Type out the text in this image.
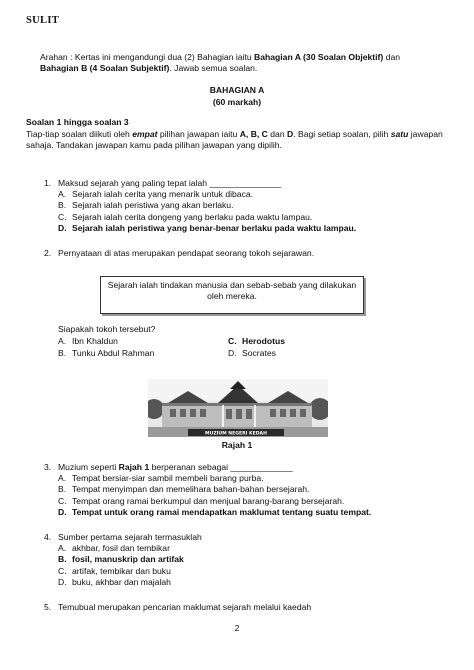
SULIT
Arahan : Kertas ini mengandungi dua (2) Bahagian iaitu Bahagian A (30 Soalan Objektif) dan Bahagian B (4 Soalan Subjektif). Jawab semua soalan.
BAHAGIAN A
(60 markah)
Soalan 1 hingga soalan 3
Tiap-tiap soalan diikuti oleh empat pilihan jawapan iaitu A, B, C dan D. Bagi setiap soalan, pilih satu jawapan sahaja. Tandakan jawapan kamu pada pilihan jawapan yang dipilih.
1. Maksud sejarah yang paling tepat ialah _______________
A. Sejarah ialah cerita yang menarik untuk dibaca.
B. Sejarah ialah peristiwa yang akan berlaku.
C. Sejarah ialah cerita dongeng yang berlaku pada waktu lampau.
D. Sejarah ialah peristiwa yang benar-benar berlaku pada waktu lampau.
2. Pernyataan di atas merupakan pendapat seorang tokoh sejarawan.
Sejarah ialah tindakan manusia dan sebab-sebab yang dilakukan oleh mereka.
Siapakah tokoh tersebut?
A. Ibn Khaldun	C. Herodotus
B. Tunku Abdul Rahman	D. Socrates
MUZIUM NEGERI KEDAH
Rajah 1
3. Muzium seperti Rajah 1 berperanan sebagai _____________
A. Tempat bersiar-siar sambil membeli barang purba.
B. Tempat menyimpan dan memelihara bahan-bahan bersejarah.
C. Tempat orang ramai berkumpul dan menjual barang-barang bersejarah.
D. Tempat untuk orang ramai mendapatkan maklumat tentang suatu tempat.
4. Sumber pertama sejarah termasuklah
A. akhbar, fosil dan tembikar
B. fosil, manuskrip dan artifak
C. artifak, tembikar dan buku
D. buku, akhbar dan majalah
5. Temubual merupakan pencarian maklumat sejarah melalui kaedah
2
